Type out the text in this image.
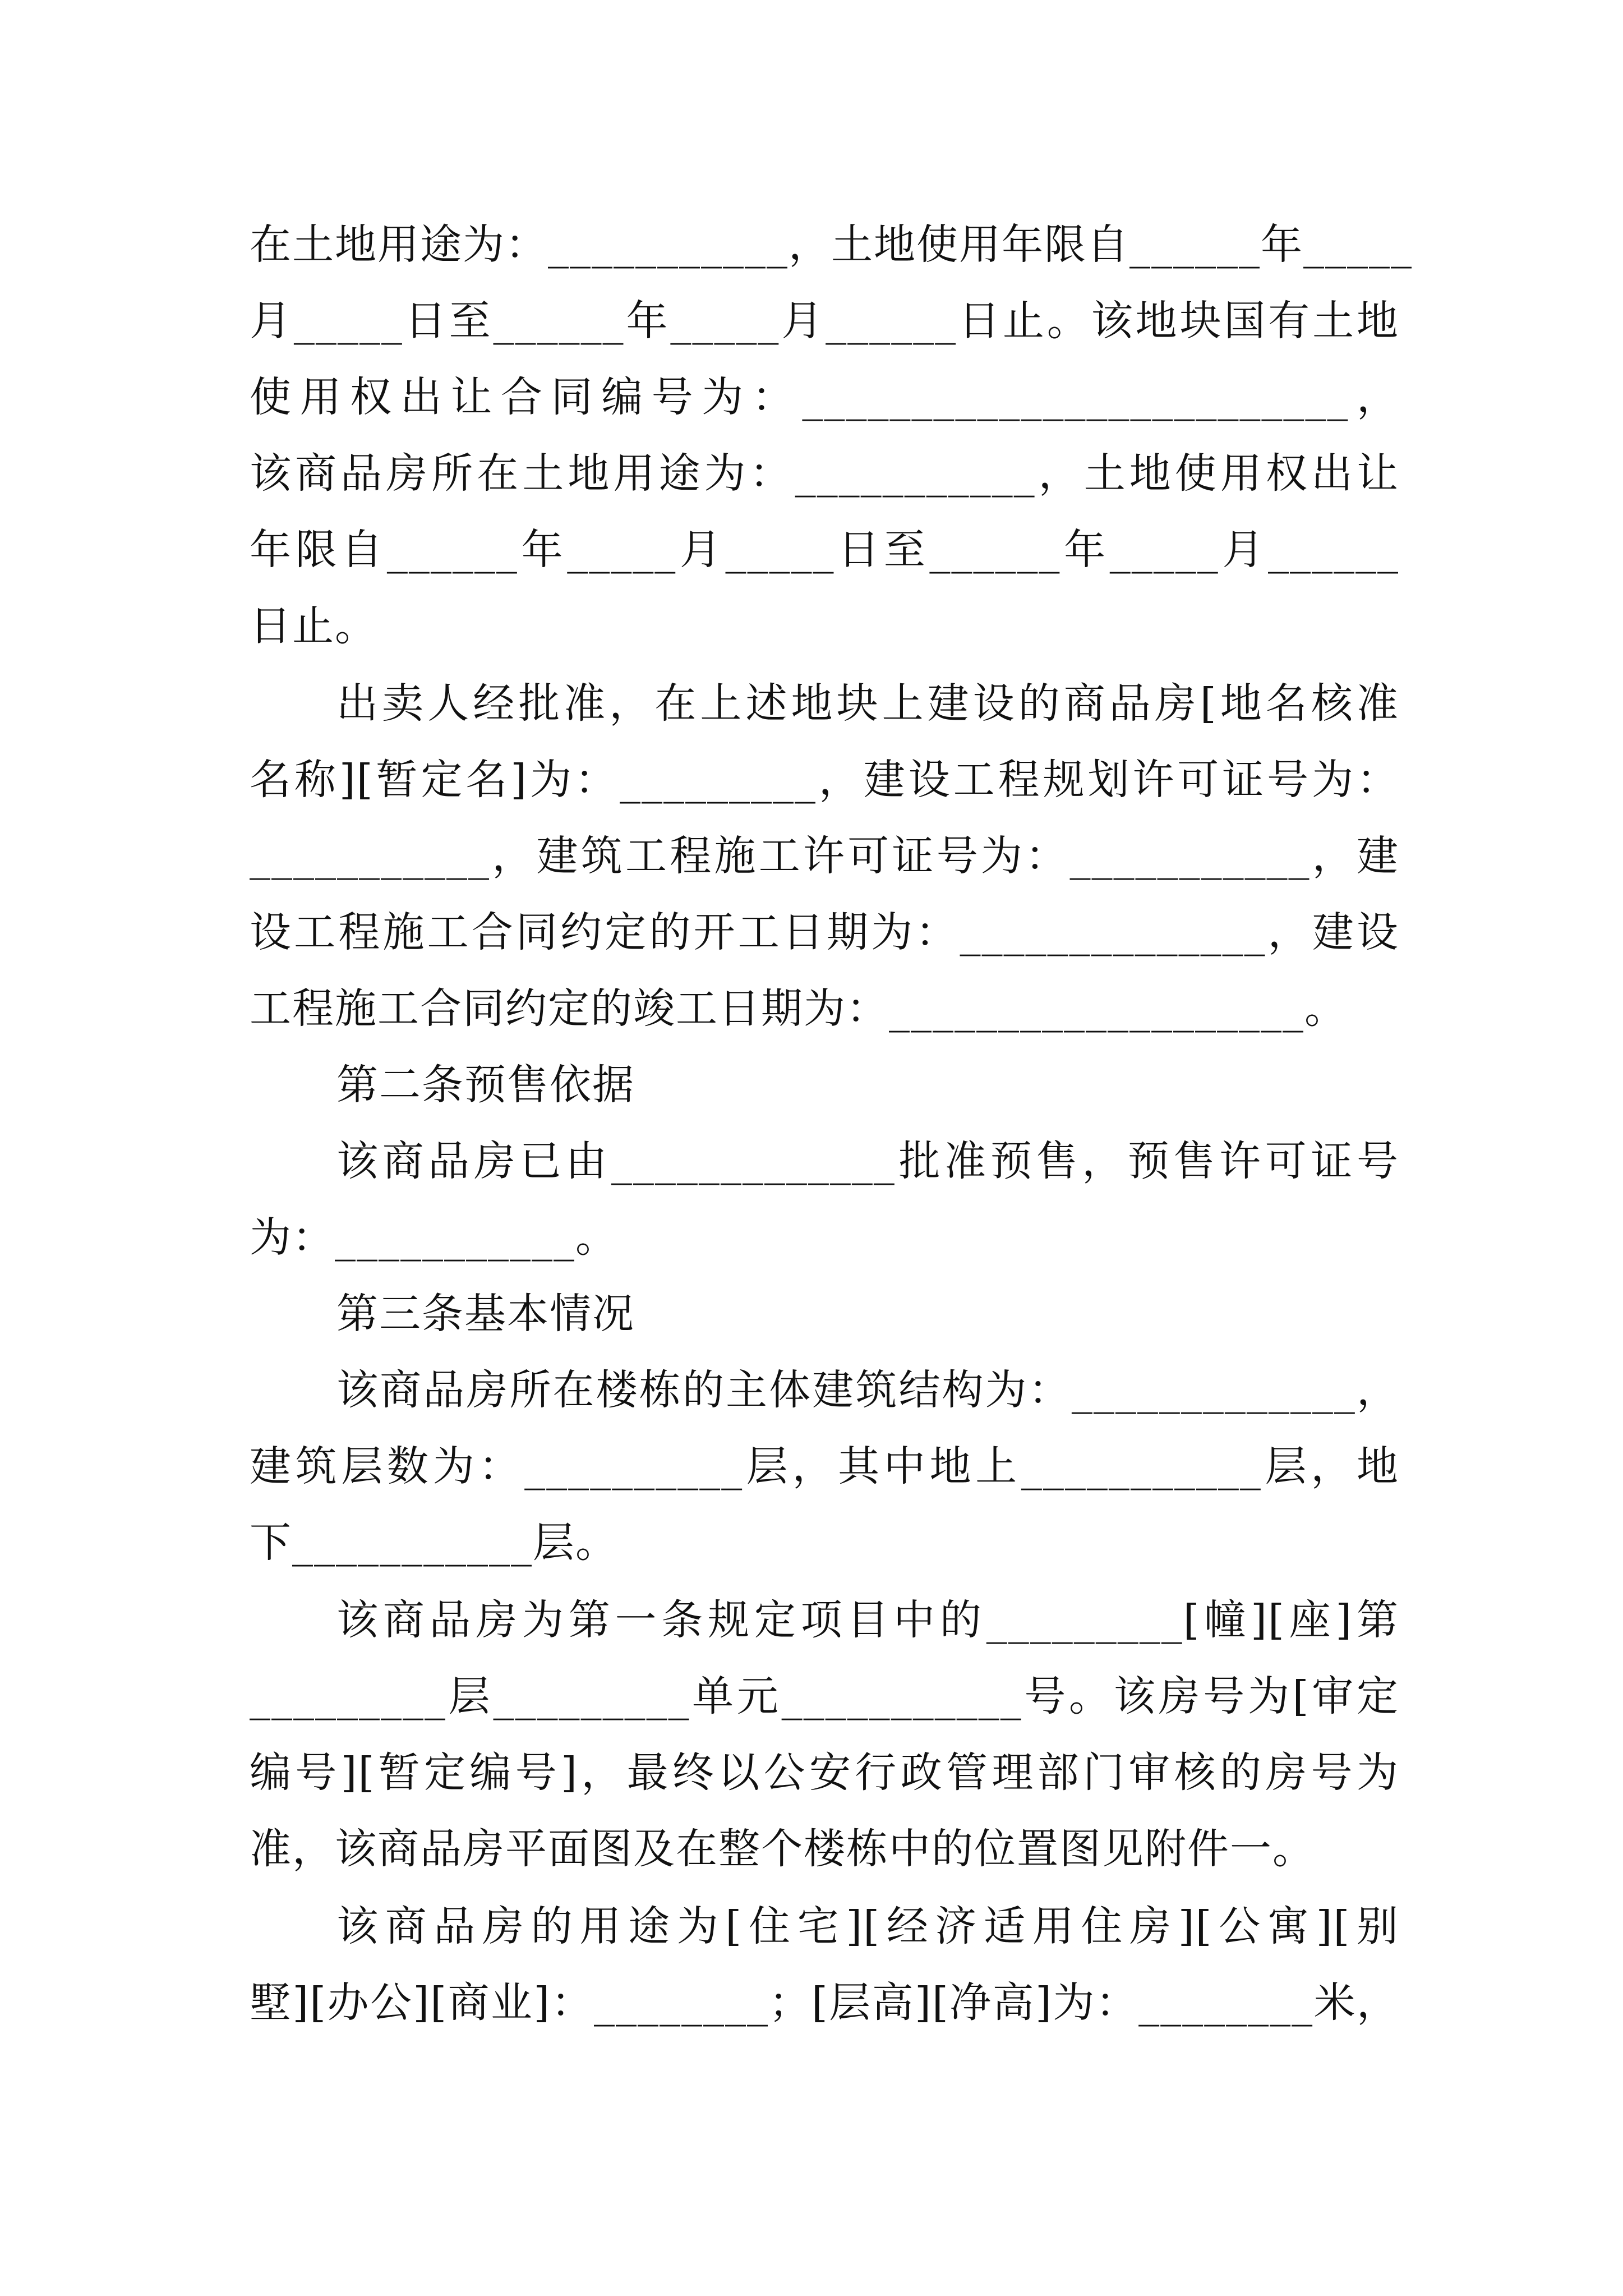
在土地用途为：___________，土地使用年限自______年_____
月_____日至______年_____月______日止。该地块国有土地
使用权出让合同编号为：_________________________，
该商品房所在土地用途为：___________，土地使用权出让
年限自______年_____月_____日至______年_____月______
日止。
出卖人经批准，在上述地块上建设的商品房[地名核准
名称][暂定名]为：_________，建设工程规划许可证号为：
___________，建筑工程施工许可证号为：___________，建
设工程施工合同约定的开工日期为：______________，建设
工程施工合同约定的竣工日期为：___________________。
第二条预售依据
该商品房已由_____________批准预售，预售许可证号
为：___________。
第三条基本情况
该商品房所在楼栋的主体建筑结构为：_____________，
建筑层数为：__________层，其中地上___________层，地
下___________层。
该商品房为第一条规定项目中的_________[幢][座]第
_________层_________单元___________号。该房号为[审定
编号][暂定编号]，最终以公安行政管理部门审核的房号为
准，该商品房平面图及在整个楼栋中的位置图见附件一。
该商品房的用途为[住宅][经济适用住房][公寓][别
墅][办公][商业]：________；[层高][净高]为：________米，
